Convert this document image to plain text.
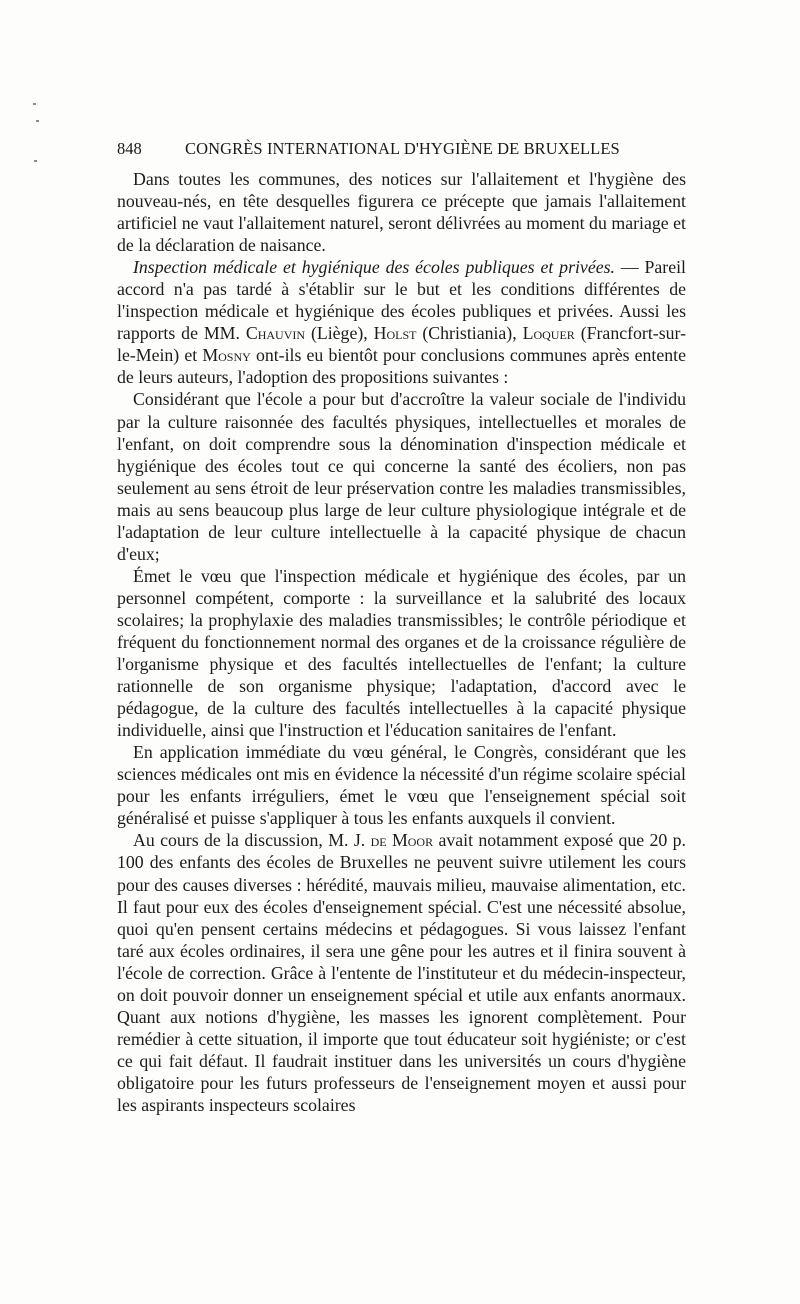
848	CONGRÈS INTERNATIONAL D'HYGIÈNE DE BRUXELLES

Dans toutes les communes, des notices sur l'allaitement et l'hygiène des nouveau-nés, en tête desquelles figurera ce précepte que jamais l'allaitement artificiel ne vaut l'allaitement naturel, seront délivrées au moment du mariage et de la déclaration de naisance.

Inspection médicale et hygiénique des écoles publiques et privées. — Pareil accord n'a pas tardé à s'établir sur le but et les conditions différentes de l'inspection médicale et hygiénique des écoles publiques et privées. Aussi les rapports de MM. Chauvin (Liège), Holst (Christiania), Loquer (Francfort-sur-le-Mein) et Mosny ont-ils eu bientôt pour conclusions communes après entente de leurs auteurs, l'adoption des propositions suivantes :

Considérant que l'école a pour but d'accroître la valeur sociale de l'individu par la culture raisonnée des facultés physiques, intellectuelles et morales de l'enfant, on doit comprendre sous la dénomination d'inspection médicale et hygiénique des écoles tout ce qui concerne la santé des écoliers, non pas seulement au sens étroit de leur préservation contre les maladies transmissibles, mais au sens beaucoup plus large de leur culture physiologique intégrale et de l'adaptation de leur culture intellectuelle à la capacité physique de chacun d'eux;

Émet le vœu que l'inspection médicale et hygiénique des écoles, par un personnel compétent, comporte : la surveillance et la salubrité des locaux scolaires; la prophylaxie des maladies transmissibles; le contrôle périodique et fréquent du fonctionnement normal des organes et de la croissance régulière de l'organisme physique et des facultés intellectuelles de l'enfant; la culture rationnelle de son organisme physique; l'adaptation, d'accord avec le pédagogue, de la culture des facultés intellectuelles à la capacité physique individuelle, ainsi que l'instruction et l'éducation sanitaires de l'enfant.

En application immédiate du vœu général, le Congrès, considérant que les sciences médicales ont mis en évidence la nécessité d'un régime scolaire spécial pour les enfants irréguliers, émet le vœu que l'enseignement spécial soit généralisé et puisse s'appliquer à tous les enfants auxquels il convient.

Au cours de la discussion, M. J. de Moor avait notamment exposé que 20 p. 100 des enfants des écoles de Bruxelles ne peuvent suivre utilement les cours pour des causes diverses : hérédité, mauvais milieu, mauvaise alimentation, etc. Il faut pour eux des écoles d'enseignement spécial. C'est une nécessité absolue, quoi qu'en pensent certains médecins et pédagogues. Si vous laissez l'enfant taré aux écoles ordinaires, il sera une gêne pour les autres et il finira souvent à l'école de correction. Grâce à l'entente de l'instituteur et du médecin-inspecteur, on doit pouvoir donner un enseignement spécial et utile aux enfants anormaux. Quant aux notions d'hygiène, les masses les ignorent complètement. Pour remédier à cette situation, il importe que tout éducateur soit hygiéniste; or c'est ce qui fait défaut. Il faudrait instituer dans les universités un cours d'hygiène obligatoire pour les futurs professeurs de l'enseignement moyen et aussi pour les aspirants inspecteurs scolaires
